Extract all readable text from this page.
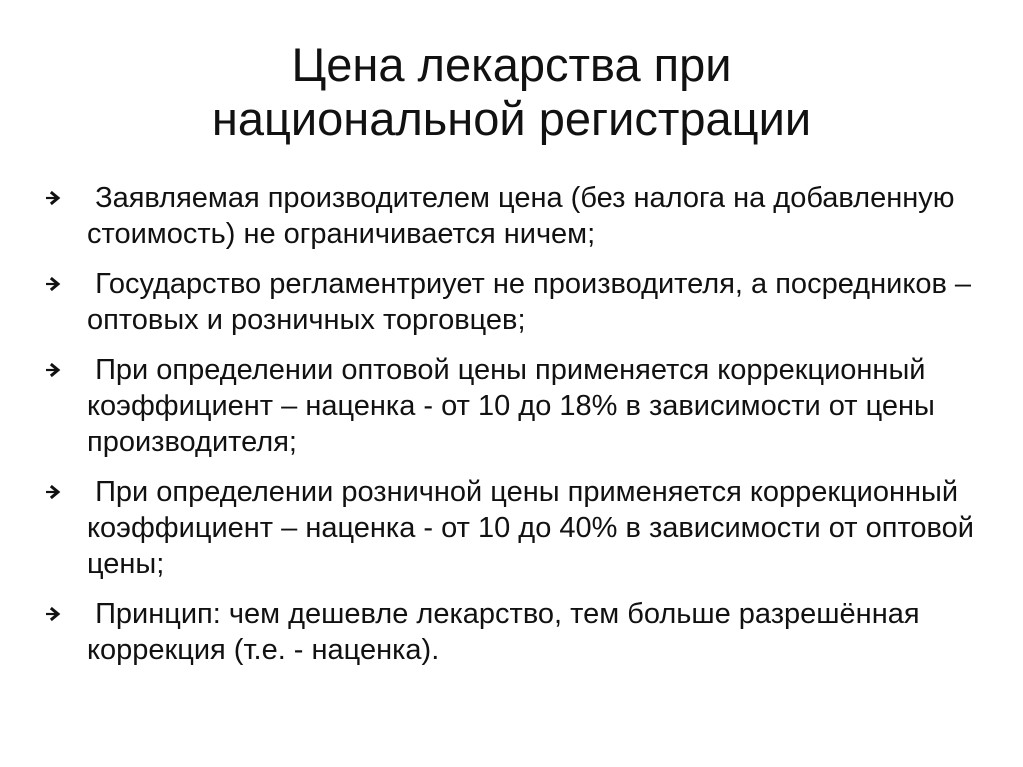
Цена лекарства при
национальной регистрации
Заявляемая производителем цена (без налога на добавленную стоимость) не ограничивается ничем;
Государство регламентриует не производителя, а посредников – оптовых и розничных торговцев;
При определении оптовой цены применяется коррекционный коэффициент – наценка - от 10 до 18% в зависимости от цены производителя;
При определении розничной цены применяется коррекционный коэффициент – наценка - от 10 до 40% в зависимости от оптовой цены;
Принцип: чем дешевле лекарство, тем больше разрешённая коррекция (т.е. - наценка).
